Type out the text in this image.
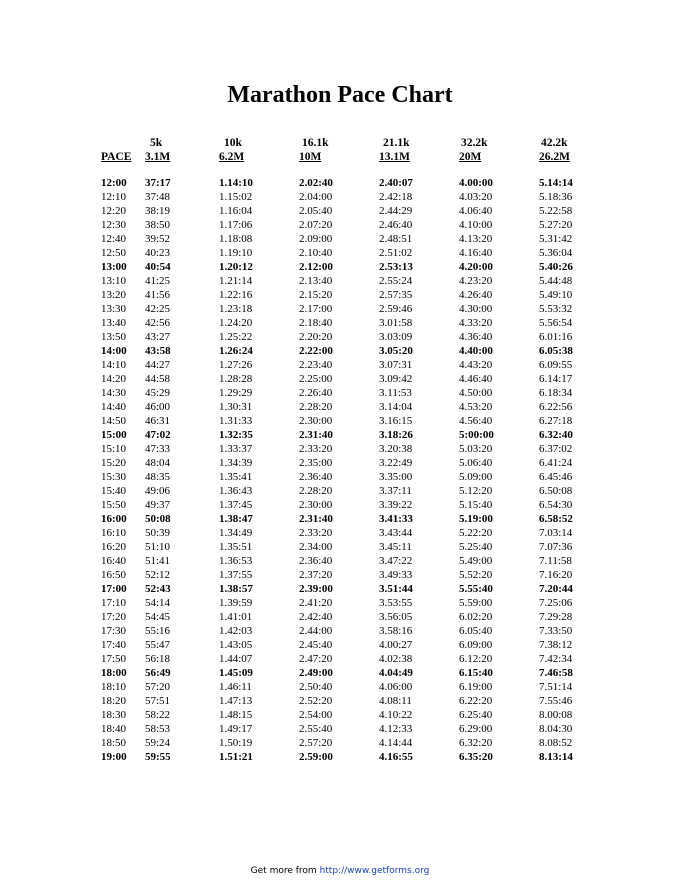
Marathon Pace Chart
5k	10k	16.1k	21.1k	32.2k	42.2k
PACE 3.1M	6.2M	10M	13.1M	20M	26.2M
12:00 37:17	1.14:10	2.02:40	2.40:07	4.00:00	5.14:14
12:10 37:48	1.15:02	2.04:00	2.42:18	4.03:20	5.18:36
12:20 38:19	1.16:04	2.05:40	2.44:29	4.06:40	5.22:58
12:30 38:50	1.17:06	2.07:20	2.46:40	4.10:00	5.27:20
12:40 39:52	1.18:08	2.09:00	2.48:51	4.13:20	5.31:42
12:50 40:23	1.19:10	2.10:40	2.51:02	4.16:40	5.36:04
13:00 40:54	1.20:12	2.12:00	2.53:13	4.20:00	5.40:26
13:10 41:25	1.21:14	2.13:40	2.55:24	4.23:20	5.44:48
13:20 41:56	1.22:16	2.15:20	2.57:35	4.26:40	5.49:10
13:30 42:25	1.23:18	2.17:00	2.59:46	4.30:00	5.53:32
13:40 42:56	1.24:20	2.18:40	3.01:58	4.33:20	5.56:54
13:50 43:27	1.25:22	2.20:20	3.03:09	4.36:40	6.01:16
14:00 43:58	1.26:24	2.22:00	3.05:20	4.40:00	6.05:38
14:10 44:27	1.27:26	2.23:40	3.07:31	4.43:20	6.09:55
14:20 44:58	1.28:28	2.25:00	3.09:42	4.46:40	6.14:17
14:30 45:29	1.29:29	2.26:40	3.11:53	4.50:00	6.18:34
14:40 46:00	1.30:31	2.28:20	3.14:04	4.53:20	6.22:56
14:50 46:31	1.31:33	2.30:00	3.16:15	4.56:40	6.27:18
15:00 47:02	1.32:35	2.31:40	3.18:26	5:00:00	6.32:40
15:10 47:33	1.33:37	2.33:20	3.20:38	5.03:20	6.37:02
15:20 48:04	1.34:39	2.35:00	3.22:49	5.06:40	6.41:24
15:30 48:35	1.35:41	2.36:40	3.35:00	5.09:00	6.45:46
15:40 49:06	1.36:43	2.28:20	3.37:11	5.12:20	6.50:08
15:50 49:37	1.37:45	2.30:00	3.39:22	5.15:40	6.54:30
16:00 50:08	1.38:47	2.31:40	3.41:33	5.19:00	6.58:52
16:10 50:39	1.34:49	2.33:20	3.43:44	5.22:20	7.03:14
16:20 51:10	1.35:51	2.34:00	3.45:11	5.25:40	7.07:36
16:40 51:41	1.36:53	2.36:40	3.47:22	5.49:00	7.11:58
16:50 52:12	1.37:55	2.37:20	3.49:33	5.52:20	7.16:20
17:00 52:43	1.38:57	2.39:00	3.51:44	5.55:40	7.20:44
17:10 54:14	1.39:59	2.41:20	3.53:55	5.59:00	7.25:06
17:20 54:45	1.41:01	2.42:40	3.56:05	6.02:20	7.29:28
17:30 55:16	1.42:03	2.44:00	3.58:16	6.05:40	7.33:50
17:40 55:47	1.43:05	2.45:40	4.00:27	6.09:00	7.38:12
17:50 56:18	1.44:07	2.47:20	4.02:38	6.12:20	7.42:34
18:00 56:49	1.45:09	2.49:00	4.04:49	6.15:40	7.46:58
18:10 57:20	1.46:11	2.50:40	4.06:00	6.19:00	7.51:14
18:20 57:51	1.47:13	2.52:20	4.08:11	6.22:20	7.55:46
18:30 58:22	1.48:15	2.54:00	4.10:22	6.25:40	8.00:08
18:40 58:53	1.49:17	2.55:40	4.12:33	6.29:00	8.04:30
18:50 59:24	1.50:19	2.57:20	4.14:44	6.32:20	8.08:52
19:00 59:55	1.51:21	2.59:00	4.16:55	6.35:20	8.13:14
Get more from http://www.getforms.org
